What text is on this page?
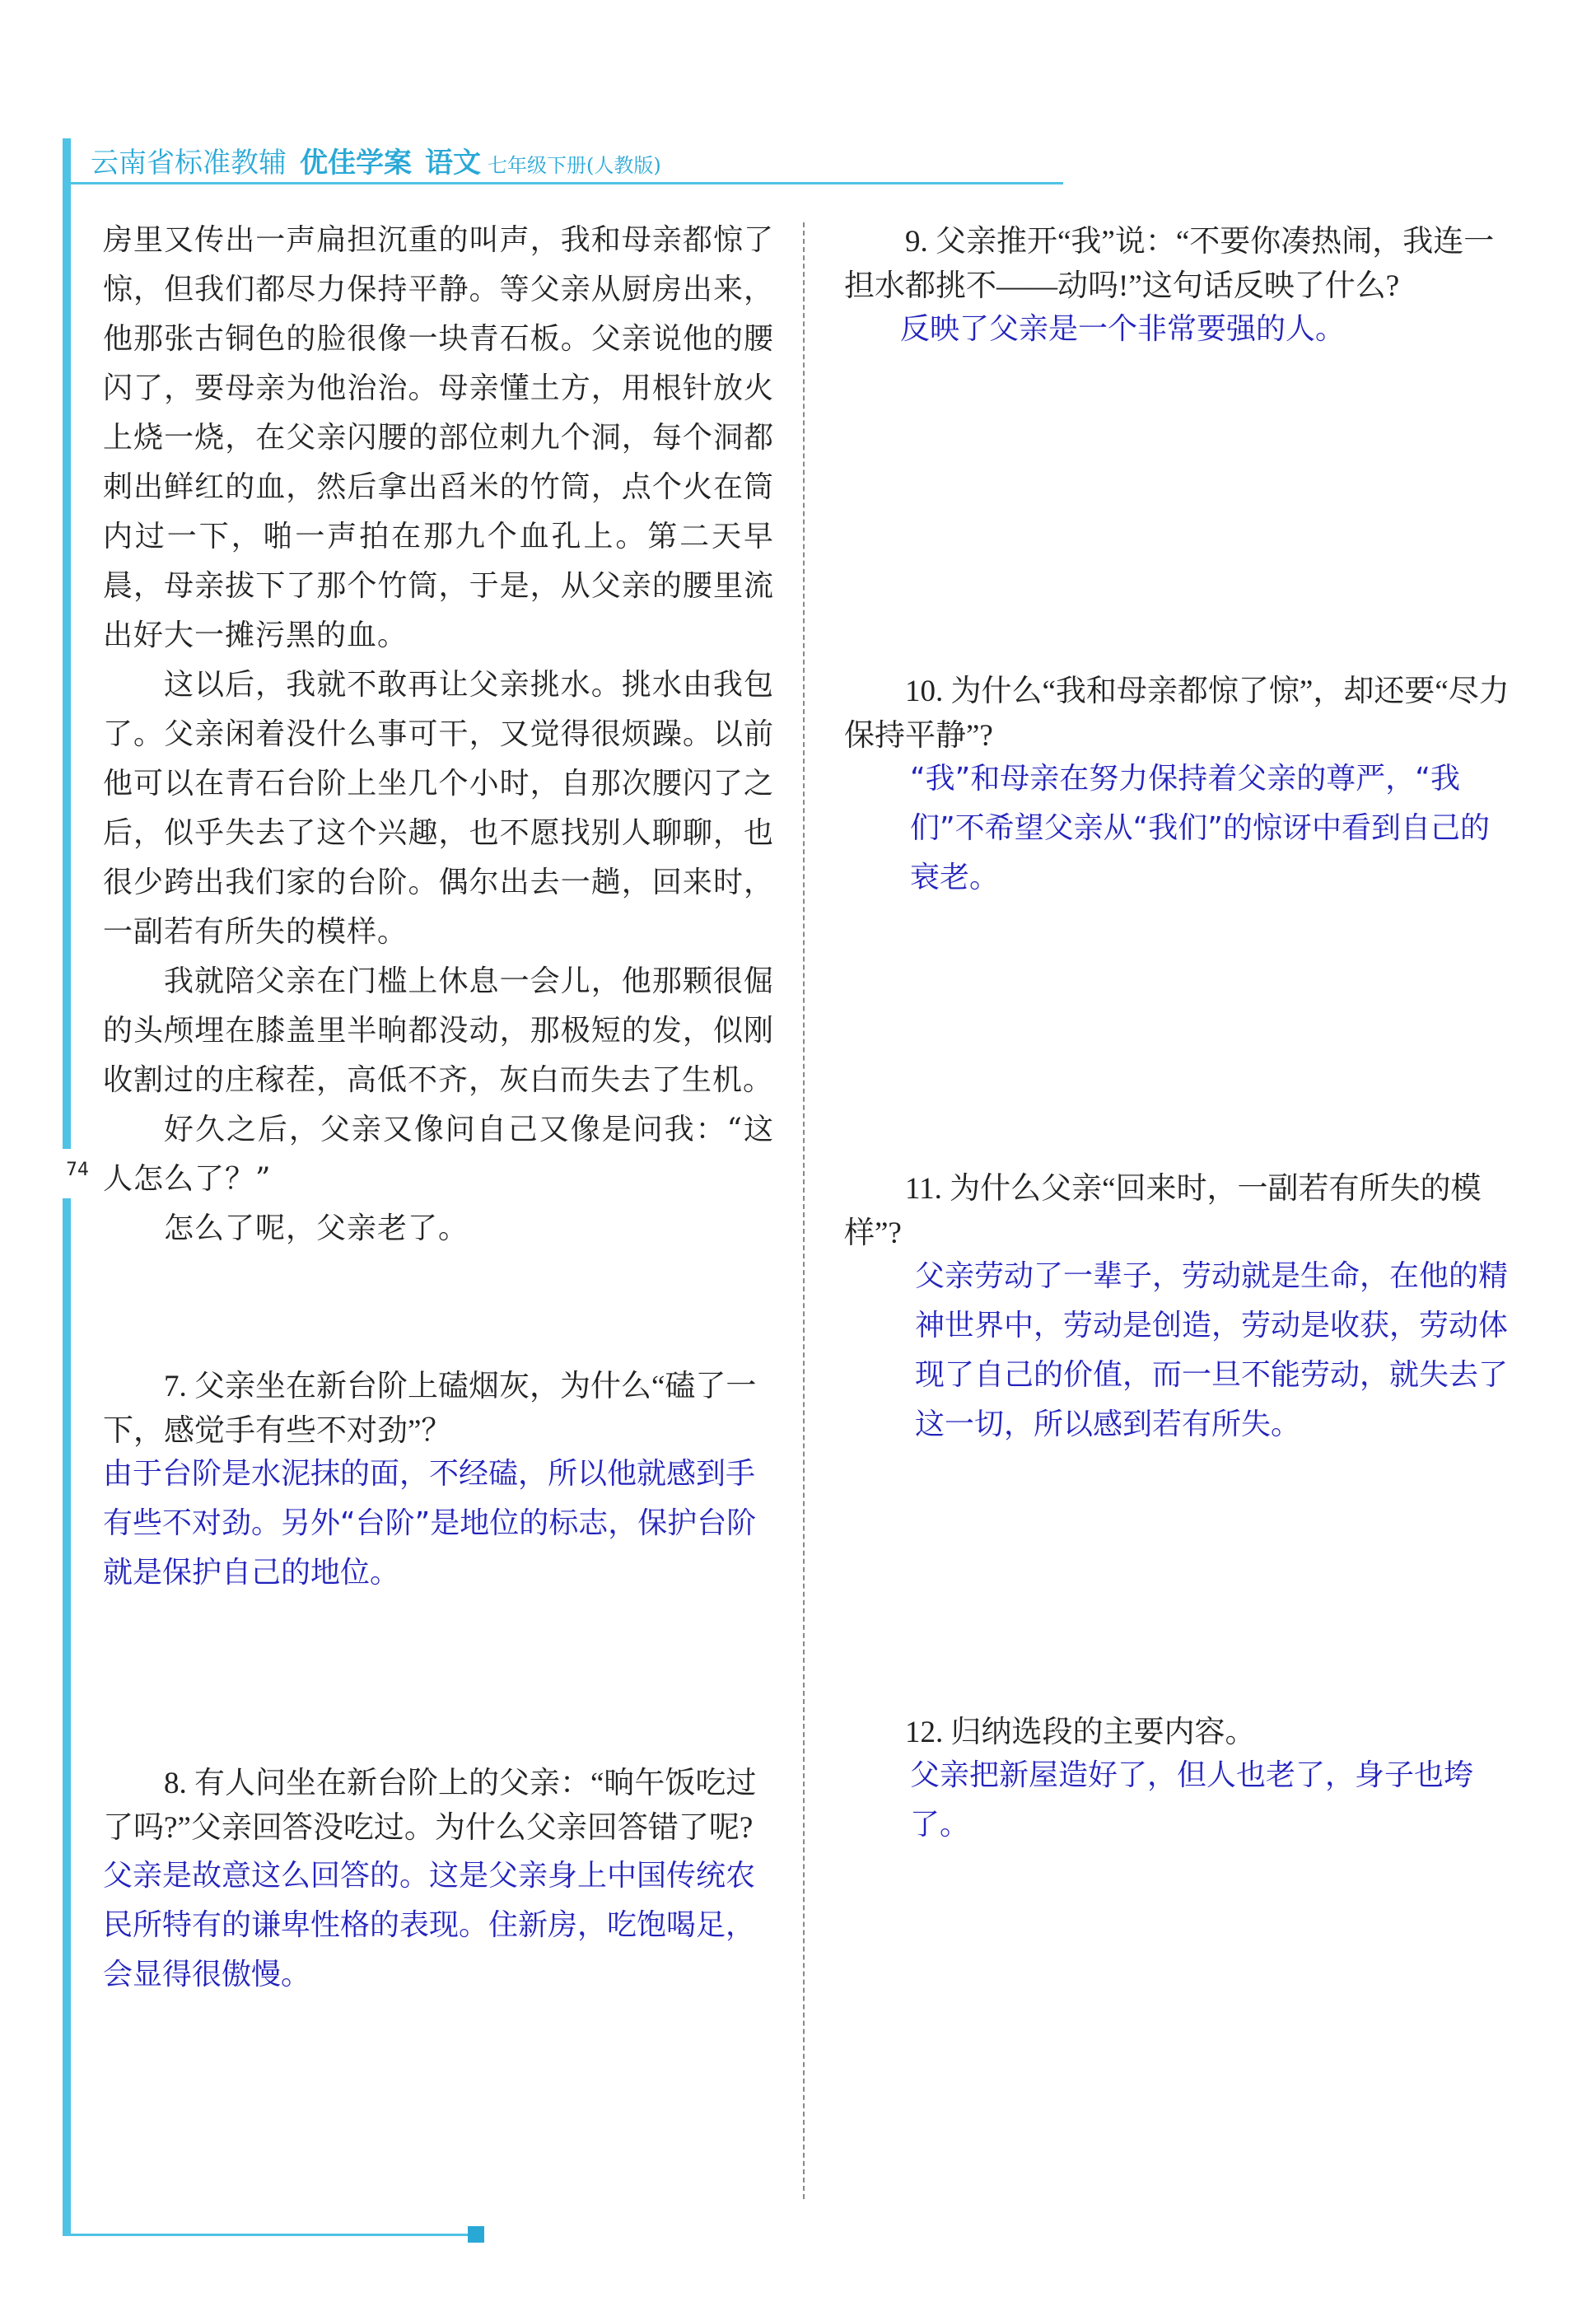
云南省标准教辅 优佳学案 语文 七年级下册(人教版)
74

房里又传出一声扁担沉重的叫声，我和母亲都惊了惊，但我们都尽力保持平静。等父亲从厨房出来，他那张古铜色的脸很像一块青石板。父亲说他的腰闪了，要母亲为他治治。母亲懂土方，用根针放火上烧一烧，在父亲闪腰的部位刺九个洞，每个洞都刺出鲜红的血，然后拿出舀米的竹筒，点个火在筒内过一下，啪一声拍在那九个血孔上。第二天早晨，母亲拔下了那个竹筒，于是，从父亲的腰里流出好大一摊污黑的血。

这以后，我就不敢再让父亲挑水。挑水由我包了。父亲闲着没什么事可干，又觉得很烦躁。以前他可以在青石台阶上坐几个小时，自那次腰闪了之后，似乎失去了这个兴趣，也不愿找别人聊聊，也很少跨出我们家的台阶。偶尔出去一趟，回来时，一副若有所失的模样。

我就陪父亲在门槛上休息一会儿，他那颗很倔的头颅埋在膝盖里半晌都没动，那极短的发，似刚收割过的庄稼茬，高低不齐，灰白而失去了生机。

好久之后，父亲又像问自己又像是问我：“这人怎么了？”

怎么了呢，父亲老了。

7. 父亲坐在新台阶上磕烟灰，为什么“磕了一下，感觉手有些不对劲”？

由于台阶是水泥抹的面，不经磕，所以他就感到手有些不对劲。另外“台阶”是地位的标志，保护台阶就是保护自己的地位。

8. 有人问坐在新台阶上的父亲：“晌午饭吃过了吗?”父亲回答没吃过。为什么父亲回答错了呢?

父亲是故意这么回答的。这是父亲身上中国传统农民所特有的谦卑性格的表现。住新房，吃饱喝足，会显得很傲慢。

9. 父亲推开“我”说：“不要你凑热闹，我连一担水都挑不——动吗!”这句话反映了什么?

反映了父亲是一个非常要强的人。

10. 为什么“我和母亲都惊了惊”，却还要“尽力保持平静”?

“我”和母亲在努力保持着父亲的尊严，“我们”不希望父亲从“我们”的惊讶中看到自己的衰老。

11. 为什么父亲“回来时，一副若有所失的模样”?

父亲劳动了一辈子，劳动就是生命，在他的精神世界中，劳动是创造，劳动是收获，劳动体现了自己的价值，而一旦不能劳动，就失去了这一切，所以感到若有所失。

12. 归纳选段的主要内容。

父亲把新屋造好了，但人也老了，身子也垮了。
